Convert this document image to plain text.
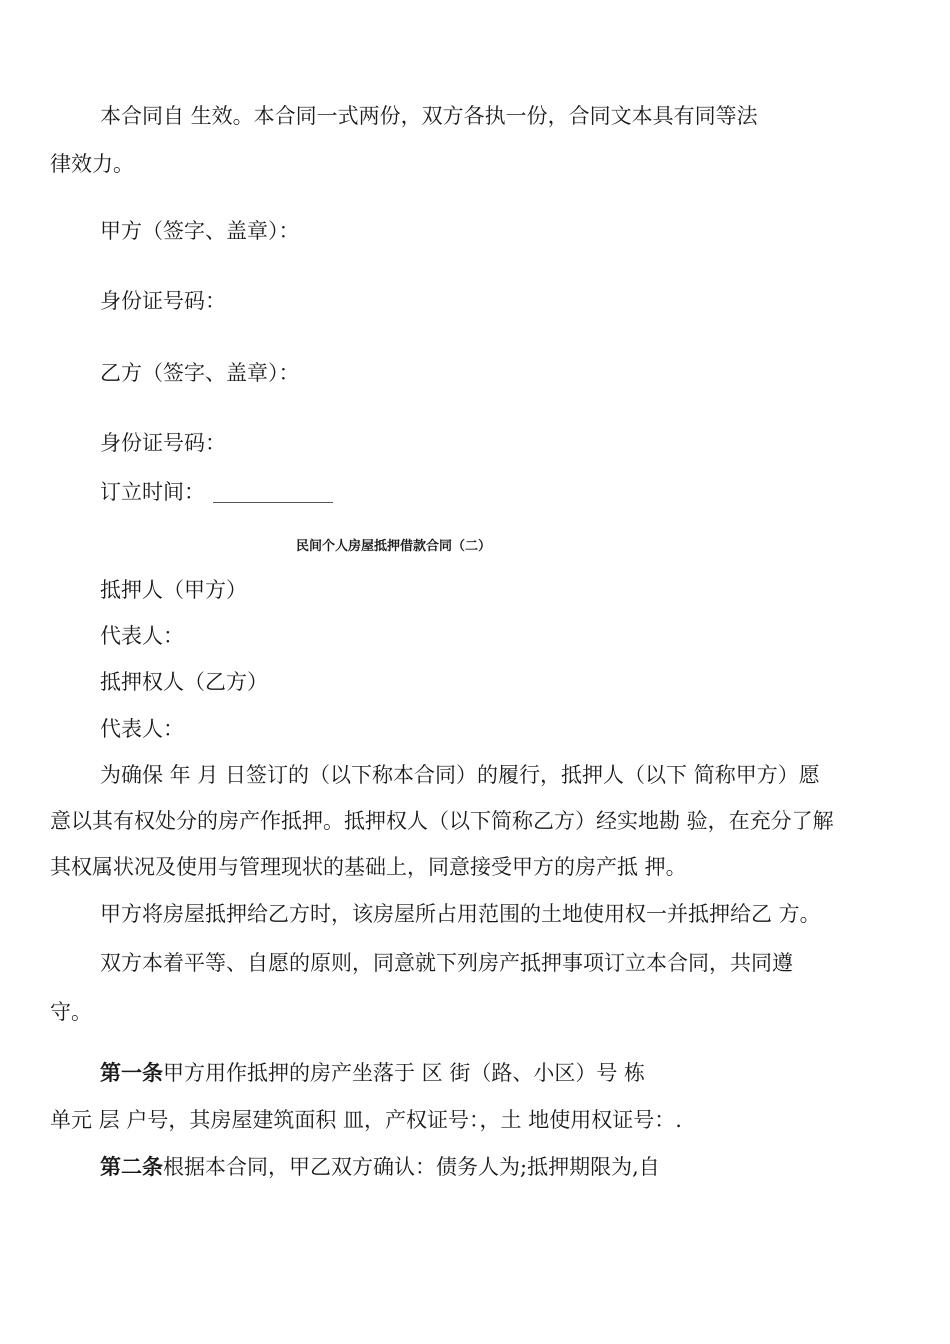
本合同自 生效。本合同一式两份，双方各执一份，合同文本具有同等法
律效力。
甲方（签字、盖章）：
身份证号码：
乙方（签字、盖章）：
身份证号码：
订立时间：
民间个人房屋抵押借款合同（二）
抵押人（甲方）
代表人：
抵押权人（乙方）
代表人：
为确保 年 月 日签订的（以下称本合同）的履行，抵押人（以下 简称甲方）愿
意以其有权处分的房产作抵押。抵押权人（以下简称乙方）经实地勘 验，在充分了解
其权属状况及使用与管理现状的基础上，同意接受甲方的房产抵 押。
甲方将房屋抵押给乙方时，该房屋所占用范围的土地使用权一并抵押给乙 方。
双方本着平等、自愿的原则，同意就下列房产抵押事项订立本合同，共同遵
守。
第一条甲方用作抵押的房产坐落于 区 街（路、小区）号 栋
单元 层 户号，其房屋建筑面积 皿，产权证号：，土 地使用权证号：.
第二条根据本合同，甲乙双方确认：债务人为;抵押期限为,自
